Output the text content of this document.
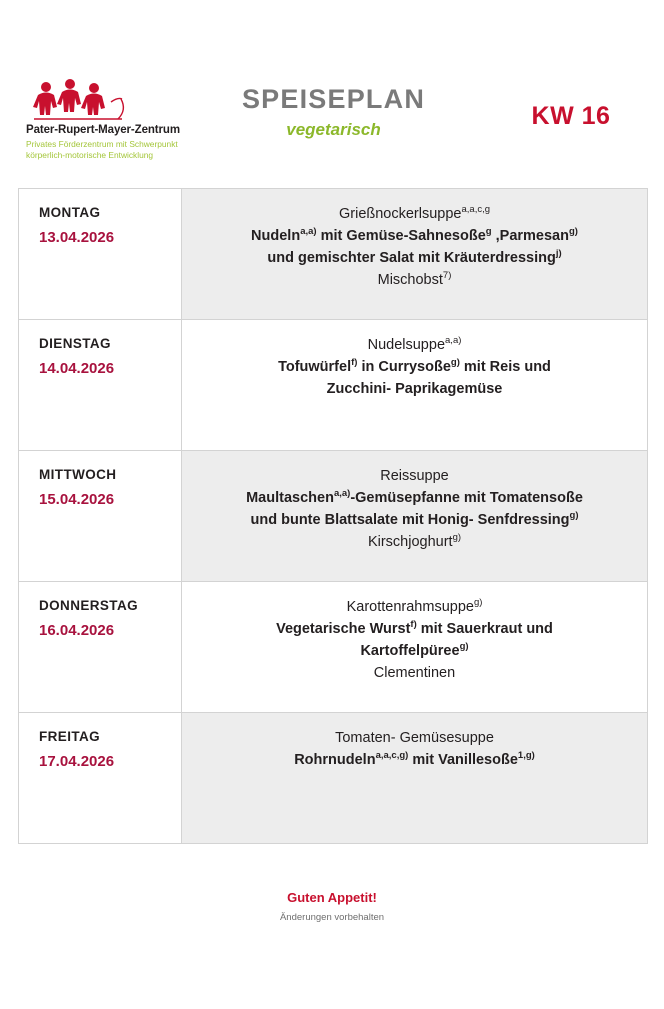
Pater-Rupert-Mayer-Zentrum
Privates Förderzentrum mit Schwerpunkt
körperlich-motorische Entwicklung
SPEISEPLAN
vegetarisch	KW 16
MONTAG
13.04.2026
Grießnockerlsuppe$^{a,a,c,g}$
Nudeln$^{a,a)}$ mit Gemüse-Sahnesoße$^g$ ,Parmesan$^{g)}$
und gemischter Salat mit Kräuterdressing$^{j)}$
Mischobst$^{7)}$
DIENSTAG
14.04.2026
Nudelsuppe$^{a,a)}$
Tofuwürfel$^{f)}$ in Currysoße$^{g)}$ mit Reis und
Zucchini- Paprikagemüse
MITTWOCH
15.04.2026
Reissuppe
Maultaschen$^{a,a)}$-Gemüsepfanne mit Tomatensoße
und bunte Blattsalate mit Honig- Senfdressing$^{g)}$
Kirschjoghurt$^{g)}$
DONNERSTAG
16.04.2026
Karottenrahmsuppe$^{g)}$
Vegetarische Wurst$^{f)}$ mit Sauerkraut und
Kartoffelpüree$^{g)}$
Clementinen
FREITAG
17.04.2026
Tomaten- Gemüsesuppe
Rohrnudeln$^{a,a,c,g)}$ mit Vanillesoße$^{1,g)}$
Guten Appetit!
Änderungen vorbehalten
